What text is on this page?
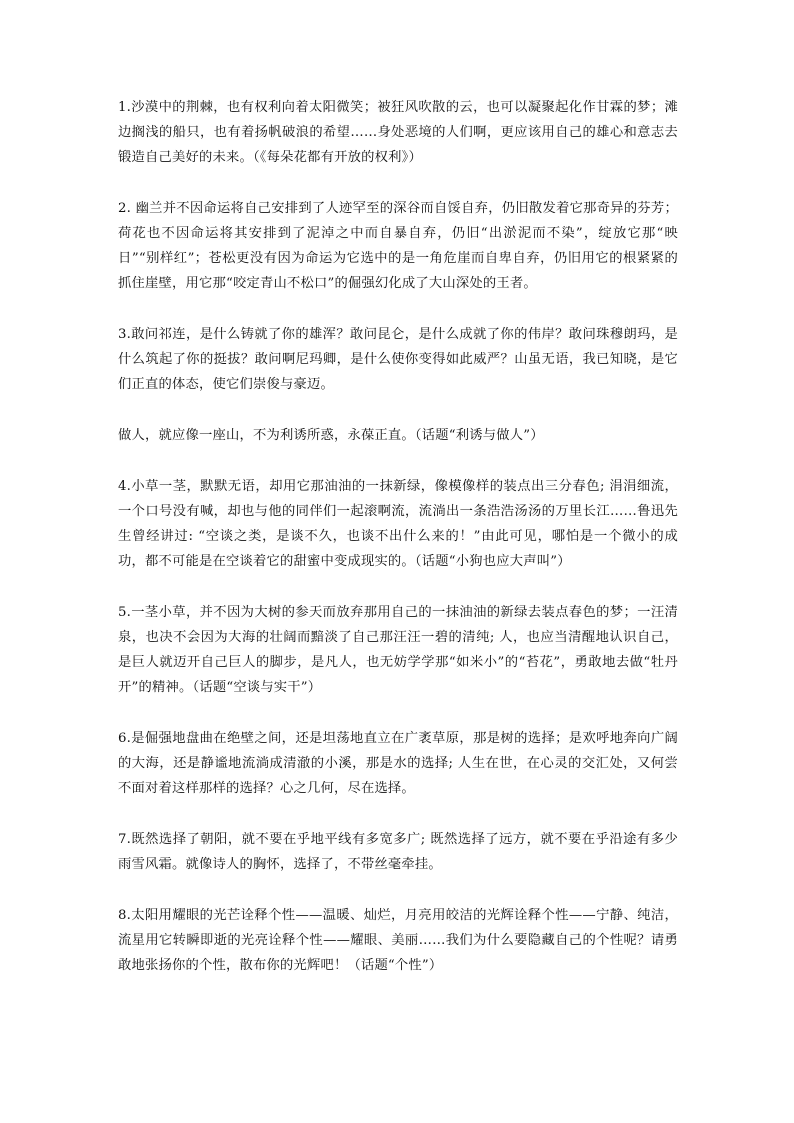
1.沙漠中的荆棘，也有权利向着太阳微笑；被狂风吹散的云，也可以凝聚起化作甘霖的梦；滩边搁浅的船只，也有着扬帆破浪的希望……身处恶境的人们啊，更应该用自己的雄心和意志去锻造自己美好的未来。（《每朵花都有开放的权利》）

2. 幽兰并不因命运将自己安排到了人迹罕至的深谷而自馁自弃，仍旧散发着它那奇异的芬芳；荷花也不因命运将其安排到了泥淖之中而自暴自弃，仍旧“出淤泥而不染”，绽放它那“映日”“别样红”；苍松更没有因为命运为它选中的是一角危崖而自卑自弃，仍旧用它的根紧紧的抓住崖壁，用它那“咬定青山不松口”的倔强幻化成了大山深处的王者。

3.敢问祁连，是什么铸就了你的雄浑？敢问昆仑，是什么成就了你的伟岸？敢问珠穆朗玛，是什么筑起了你的挺拔？敢问啊尼玛卿，是什么使你变得如此威严？山虽无语，我已知晓，是它们正直的体态，使它们崇俊与豪迈。

做人，就应像一座山，不为利诱所惑，永葆正直。（话题“利诱与做人”）

4.小草一茎，默默无语，却用它那油油的一抹新绿，像模像样的装点出三分春色; 涓涓细流，一个口号没有喊，却也与他的同伴们一起滚啊流，流淌出一条浩浩汤汤的万里长江……鲁迅先生曾经讲过: “空谈之类，是谈不久，也谈不出什么来的！”由此可见，哪怕是一个微小的成功，都不可能是在空谈着它的甜蜜中变成现实的。（话题“小狗也应大声叫”）

5.一茎小草，并不因为大树的参天而放弃那用自己的一抹油油的新绿去装点春色的梦；一汪清泉，也决不会因为大海的壮阔而黯淡了自己那汪汪一碧的清纯; 人，也应当清醒地认识自己，是巨人就迈开自己巨人的脚步，是凡人，也无妨学学那“如米小”的“苔花”，勇敢地去做“牡丹开”的精神。（话题“空谈与实干”）

6.是倔强地盘曲在绝壁之间，还是坦荡地直立在广袤草原，那是树的选择；是欢呼地奔向广阔的大海，还是静谧地流淌成清澈的小溪，那是水的选择; 人生在世，在心灵的交汇处，又何尝不面对着这样那样的选择？心之几何，尽在选择。

7.既然选择了朝阳，就不要在乎地平线有多宽多广; 既然选择了远方，就不要在乎沿途有多少雨雪风霜。就像诗人的胸怀，选择了，不带丝毫牵挂。

8.太阳用耀眼的光芒诠释个性——温暖、灿烂，月亮用皎洁的光辉诠释个性——宁静、纯洁，流星用它转瞬即逝的光亮诠释个性——耀眼、美丽……我们为什么要隐藏自己的个性呢？请勇敢地张扬你的个性，散布你的光辉吧！（话题“个性”）
